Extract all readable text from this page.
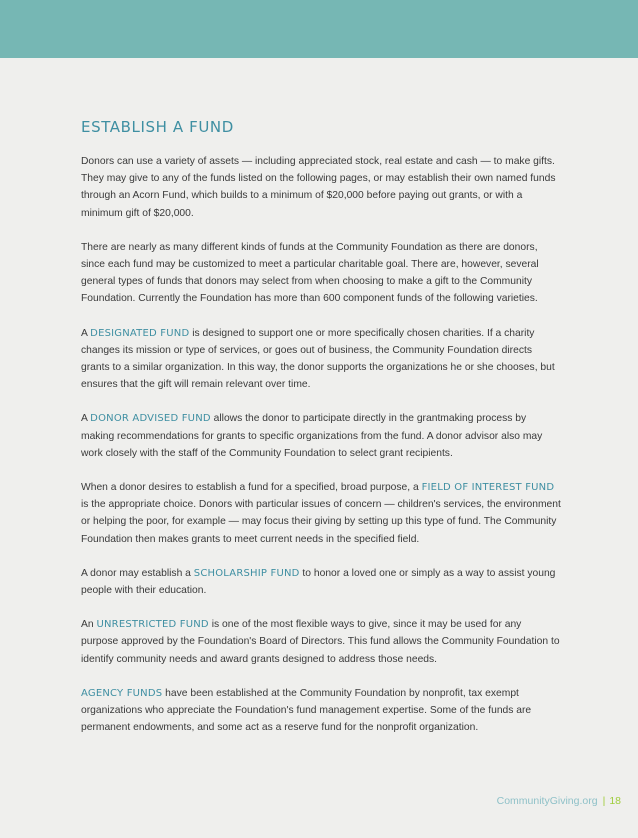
ESTABLISH A FUND

Donors can use a variety of assets — including appreciated stock, real estate and cash — to make gifts. They may give to any of the funds listed on the following pages, or may establish their own named funds through an Acorn Fund, which builds to a minimum of $20,000 before paying out grants, or with a minimum gift of $20,000.

There are nearly as many different kinds of funds at the Community Foundation as there are donors, since each fund may be customized to meet a particular charitable goal. There are, however, several general types of funds that donors may select from when choosing to make a gift to the Community Foundation. Currently the Foundation has more than 600 component funds of the following varieties.

A DESIGNATED FUND is designed to support one or more specifically chosen charities. If a charity changes its mission or type of services, or goes out of business, the Community Foundation directs grants to a similar organization. In this way, the donor supports the organizations he or she chooses, but ensures that the gift will remain relevant over time.

A DONOR ADVISED FUND allows the donor to participate directly in the grantmaking process by making recommendations for grants to specific organizations from the fund. A donor advisor also may work closely with the staff of the Community Foundation to select grant recipients.

When a donor desires to establish a fund for a specified, broad purpose, a FIELD OF INTEREST FUND is the appropriate choice. Donors with particular issues of concern — children's services, the environment or helping the poor, for example — may focus their giving by setting up this type of fund. The Community Foundation then makes grants to meet current needs in the specified field.

A donor may establish a SCHOLARSHIP FUND to honor a loved one or simply as a way to assist young people with their education.

An UNRESTRICTED FUND is one of the most flexible ways to give, since it may be used for any purpose approved by the Foundation's Board of Directors. This fund allows the Community Foundation to identify community needs and award grants designed to address those needs.

AGENCY FUNDS have been established at the Community Foundation by nonprofit, tax exempt organizations who appreciate the Foundation's fund management expertise. Some of the funds are permanent endowments, and some act as a reserve fund for the nonprofit organization.

CommunityGiving.org | 18
